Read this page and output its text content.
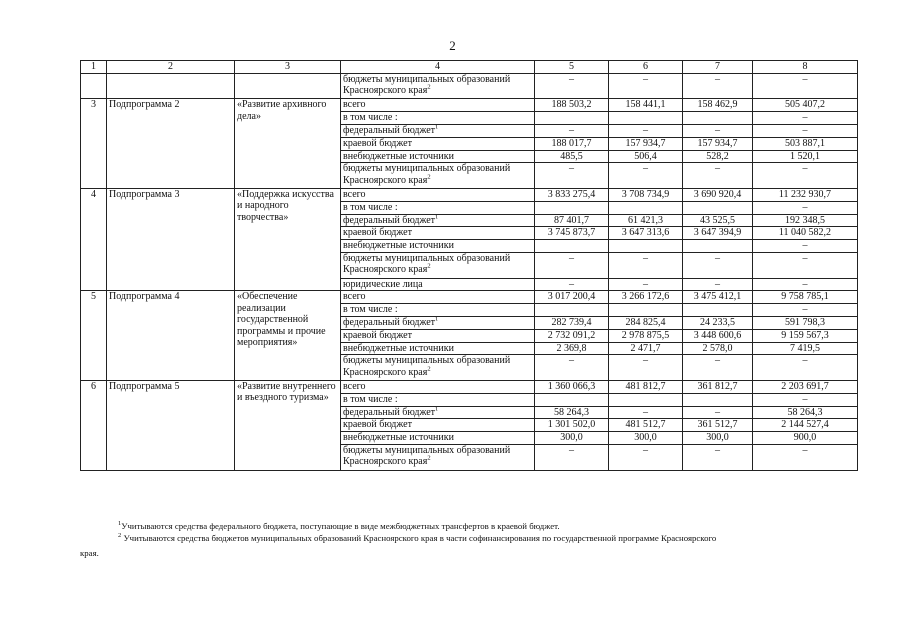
2
1	2	3	4	5	6	7	8
			бюджеты муниципальных образований Красноярского края$^2$	–	–	–	–
3	Подпрограмма 2	«Развитие архивного дела»	всего	188 503,2	158 441,1	158 462,9	505 407,2
			в том числе :				–
			федеральный бюджет$^1$	–	–	–	–
			краевой бюджет	188 017,7	157 934,7	157 934,7	503 887,1
			внебюджетные источники	485,5	506,4	528,2	1 520,1
			бюджеты муниципальных образований Красноярского края$^2$	–	–	–	–
4	Подпрограмма 3	«Поддержка искусства и народного творчества»	всего	3 833 275,4	3 708 734,9	3 690 920,4	11 232 930,7
			в том числе :				–
			федеральный бюджет$^1$	87 401,7	61 421,3	43 525,5	192 348,5
			краевой бюджет	3 745 873,7	3 647 313,6	3 647 394,9	11 040 582,2
			внебюджетные источники				–
			бюджеты муниципальных образований Красноярского края$^2$	–	–	–	–
			юридические лица	–	–	–	–
5	Подпрограмма 4	«Обеспечение реализации государственной программы и прочие мероприятия»	всего	3 017 200,4	3 266 172,6	3 475 412,1	9 758 785,1
			в том числе :				–
			федеральный бюджет$^1$	282 739,4	284 825,4	24 233,5	591 798,3
			краевой бюджет	2 732 091,2	2 978 875,5	3 448 600,6	9 159 567,3
			внебюджетные источники	2 369,8	2 471,7	2 578,0	7 419,5
			бюджеты муниципальных образований Красноярского края$^2$	–	–	–	–
6	Подпрограмма 5	«Развитие внутреннего и въездного туризма»	всего	1 360 066,3	481 812,7	361 812,7	2 203 691,7
			в том числе :				–
			федеральный бюджет$^1$	58 264,3	–	–	58 264,3
			краевой бюджет	1 301 502,0	481 512,7	361 512,7	2 144 527,4
			внебюджетные источники	300,0	300,0	300,0	900,0
			бюджеты муниципальных образований Красноярского края$^2$	–	–	–	–
$^1$Учитываются средства федерального бюджета, поступающие в виде межбюджетных трансфертов в краевой бюджет.
$^2$ Учитываются средства бюджетов муниципальных образований Красноярского края в части софинансирования по государственной программе Красноярского
края.
